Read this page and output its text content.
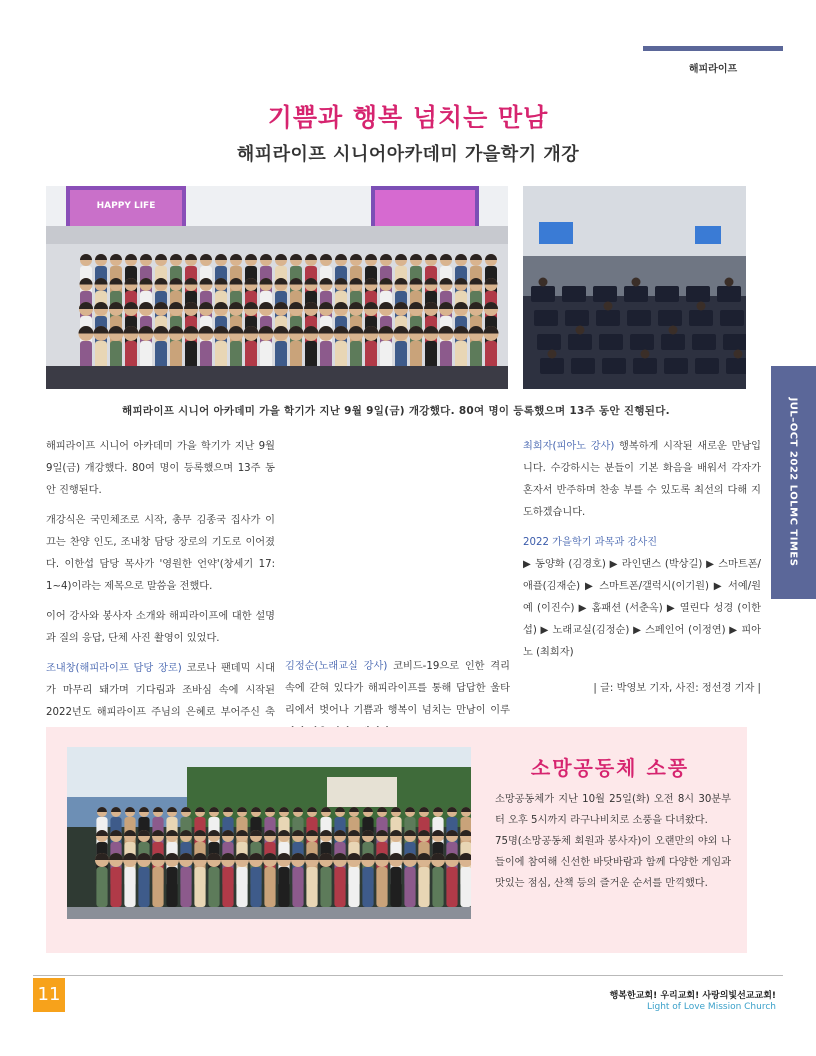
해피라이프
기쁨과 행복 넘치는 만남
해피라이프 시니어아카데미 가을학기 개강
HAPPY LIFE

해피라이프 시니어 아카데미 가을 학기가 지난 9월 9일(금) 개강했다. 80여 명이 등록했으며 13주 동안 진행된다.	JUL–OCT 2022 LOLMC TIMES

해피라이프 시니어 아카데미 가을 학기가 지난 9월 9일(금) 개강했다. 80여 명이 등록했으며 13주 동안 진행된다.

개강식은 국민체조로 시작, 총무 김종국 집사가 이끄는 찬양 인도, 조내창 담당 장로의 기도로 이어졌다. 이한섭 담당 목사가 '영원한 언약'(창세기 17: 1~4)이라는 제목으로 말씀을 전했다.

이어 강사와 봉사자 소개와 해피라이프에 대한 설명과 질의 응답, 단체 사진 촬영이 있었다.

조내창(해피라이프 담당 장로) 코로나 팬데믹 시대가 마무리 돼가며 기다림과 조바심 속에 시작된 2022년도 해피라이프 주님의 은혜로 부어주신 축

김정순(노래교실 강사) 코비드-19으로 인한 격리 속에 갇혀 있다가 해피라이프를 통해 답답한 울타리에서 벗어나 기쁨과 행복이 넘치는 만남이 이루

최희자(피아노 강사) 행복하게 시작된 새로운 만남입니다. 수강하시는 분들이 기본 화음을 배워서 각자가 혼자서 반주하며 찬송 부를 수 있도록 최선의 다해 지도하겠습니다.

2022 가을학기 과목과 강사진

▶ 동양화 (김경호) ▶ 라인댄스 (박상길) ▶ 스마트폰/애플(김재순) ▶ 스마트폰/갤럭시(이기원) ▶ 서예/원예 (이진수) ▶ 홈패션 (서춘옥) ▶ 열린다 성경 (이한섭) ▶ 노래교실(김정순) ▶ 스페인어 (이정연) ▶ 피아노 (최희자)

| 글: 박영보 기자, 사진: 정선경 기자 |

소망공동체 소풍

소망공동체가 지난 10월 25일(화) 오전 8시 30분부터 오후 5시까지 라구나비치로 소풍을 다녀왔다.

75명(소망공동체 회원과 봉사자)이 오랜만의 야외 나들이에 참여해 신선한 바닷바람과 함께 다양한 게임과 맛있는 점심, 산책 등의 즐거운 순서를 만끽했다.

11	행복한교회! 우리교회! 사랑의빛선교교회!
Light of Love Mission Church
